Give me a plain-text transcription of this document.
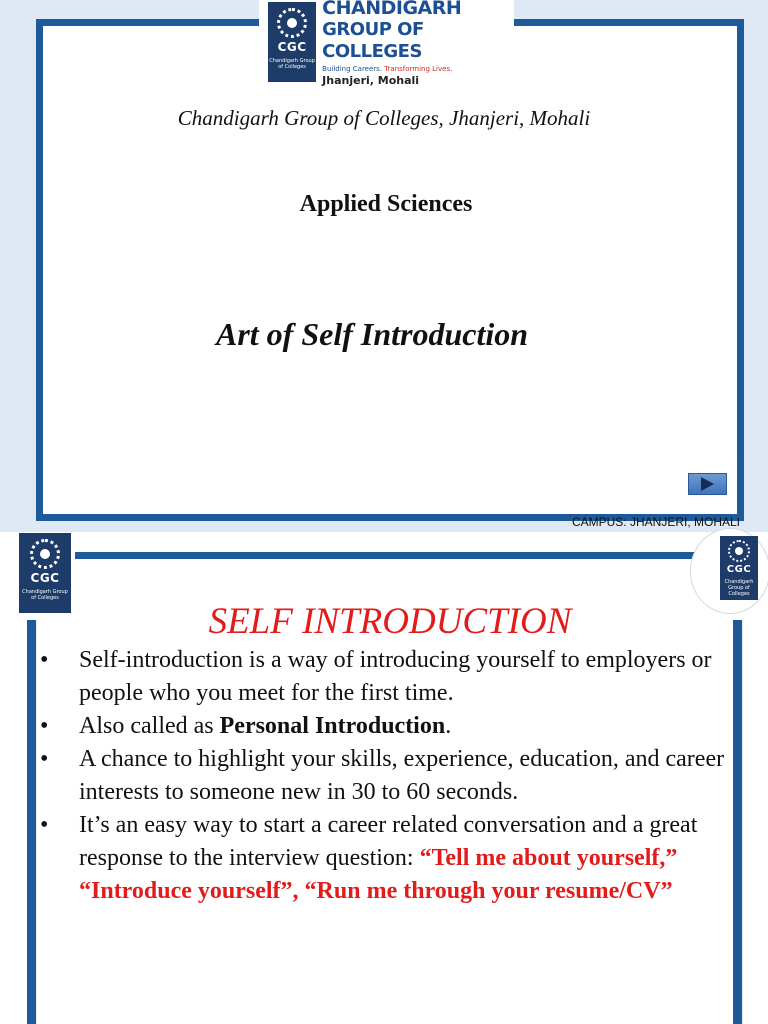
CGC
Chandigarh Group of Colleges
CHANDIGARH
GROUP OF COLLEGES
Building Careers. Transforming Lives.
Jhanjeri, Mohali
Chandigarh Group of Colleges, Jhanjeri, Mohali
Applied Sciences
Art of Self Introduction
CAMPUS: JHANJERI, MOHALI
CGC
Chandigarh Group of Colleges
CGC
Chandigarh Group of Colleges
SELF INTRODUCTION
•	Self-introduction is a way of introducing yourself to employers or people who you meet for the first time.
•	Also called as Personal Introduction.
•	A chance to highlight your skills, experience, education, and career interests to someone new in 30 to 60 seconds.
•	It’s an easy way to start a career related conversation and a great response to the interview question: “Tell me about yourself,” “Introduce yourself”, “Run me through your resume/CV”
